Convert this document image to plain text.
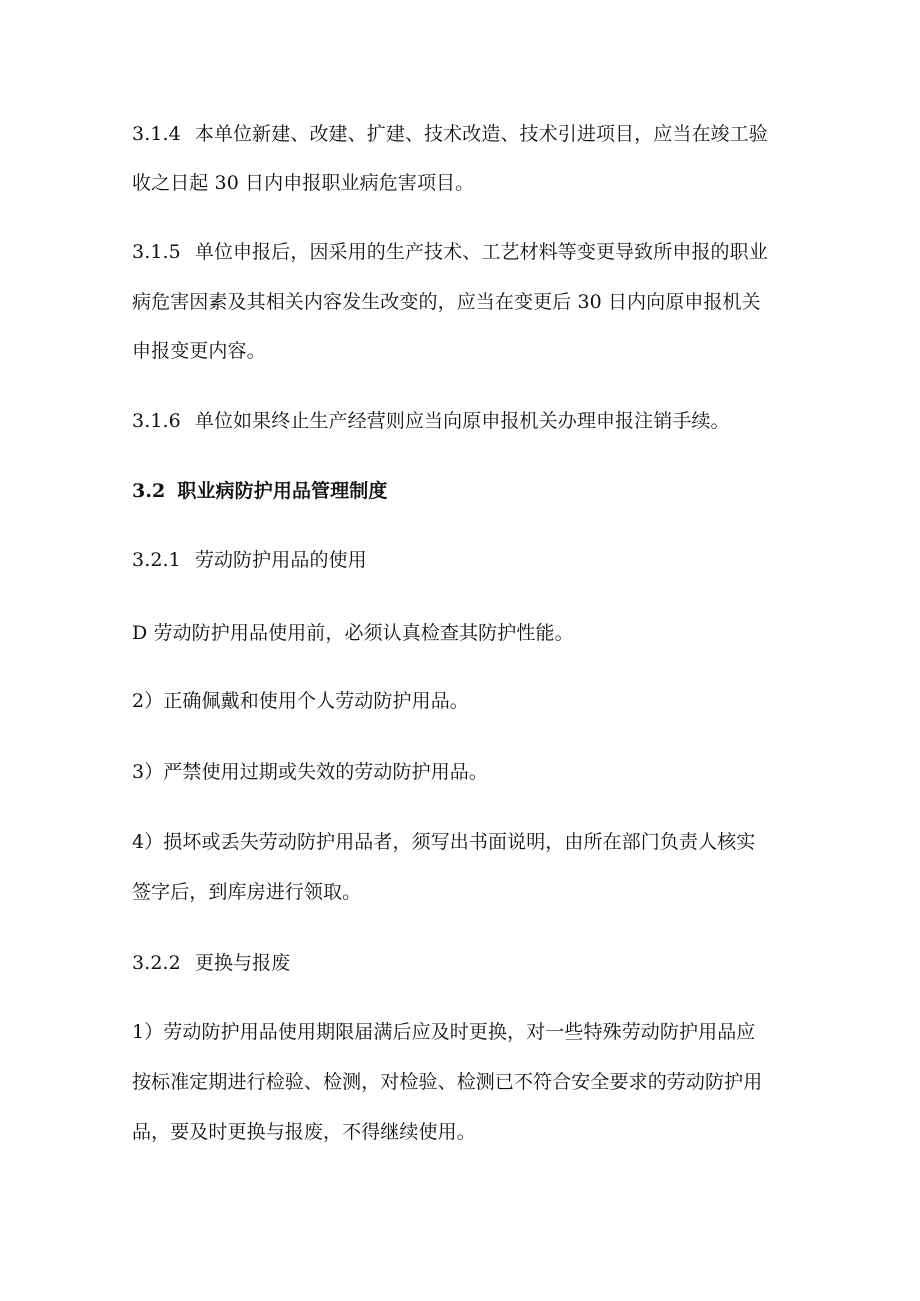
3.1.4 本单位新建、改建、扩建、技术改造、技术引进项目，应当在竣工验
收之日起 30 日内申报职业病危害项目。
3.1.5 单位申报后，因采用的生产技术、工艺材料等变更导致所申报的职业
病危害因素及其相关内容发生改变的，应当在变更后 30 日内向原申报机关
申报变更内容。
3.1.6 单位如果终止生产经营则应当向原申报机关办理申报注销手续。
3.2 职业病防护用品管理制度
3.2.1 劳动防护用品的使用
D 劳动防护用品使用前，必须认真检查其防护性能。
2）正确佩戴和使用个人劳动防护用品。
3）严禁使用过期或失效的劳动防护用品。
4）损坏或丢失劳动防护用品者，须写出书面说明，由所在部门负责人核实
签字后，到库房进行领取。
3.2.2 更换与报废
1）劳动防护用品使用期限届满后应及时更换，对一些特殊劳动防护用品应
按标准定期进行检验、检测，对检验、检测已不符合安全要求的劳动防护用
品，要及时更换与报废，不得继续使用。
